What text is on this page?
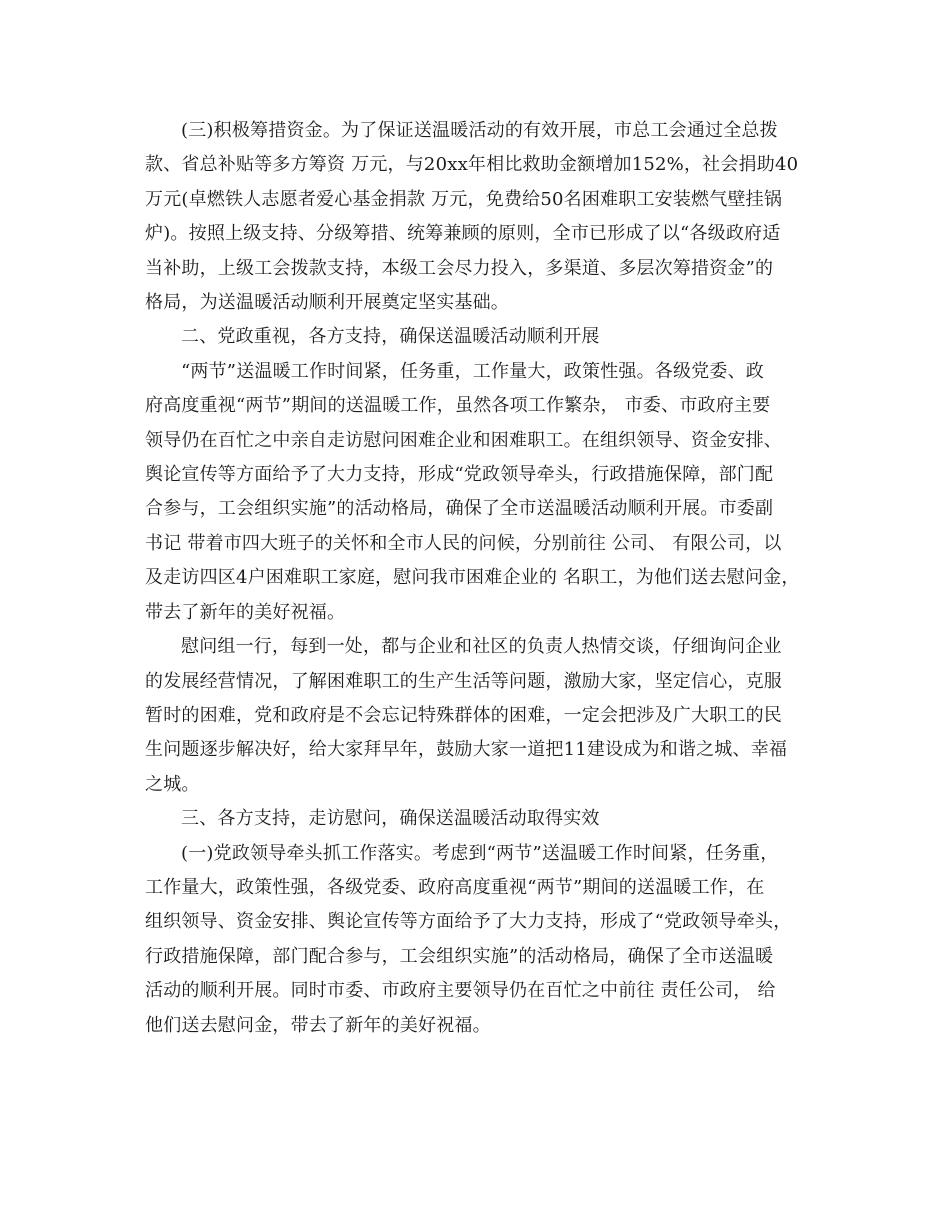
(三)积极筹措资金。为了保证送温暖活动的有效开展，市总工会通过全总拨
款、省总补贴等多方筹资 万元，与20xx年相比救助金额增加152%，社会捐助40
万元(卓燃铁人志愿者爱心基金捐款 万元，免费给50名困难职工安装燃气壁挂锅
炉)。按照上级支持、分级筹措、统筹兼顾的原则，全市已形成了以“各级政府适
当补助，上级工会拨款支持，本级工会尽力投入，多渠道、多层次筹措资金”的
格局，为送温暖活动顺利开展奠定坚实基础。
二、党政重视，各方支持，确保送温暖活动顺利开展
“两节”送温暖工作时间紧，任务重，工作量大，政策性强。各级党委、政
府高度重视“两节”期间的送温暖工作，虽然各项工作繁杂， 市委、市政府主要
领导仍在百忙之中亲自走访慰问困难企业和困难职工。在组织领导、资金安排、
舆论宣传等方面给予了大力支持，形成“党政领导牵头，行政措施保障，部门配
合参与，工会组织实施”的活动格局，确保了全市送温暖活动顺利开展。市委副
书记 带着市四大班子的关怀和全市人民的问候，分别前往 公司、 有限公司，以
及走访四区4户困难职工家庭，慰问我市困难企业的 名职工，为他们送去慰问金，
带去了新年的美好祝福。
慰问组一行，每到一处，都与企业和社区的负责人热情交谈，仔细询问企业
的发展经营情况，了解困难职工的生产生活等问题，激励大家，坚定信心，克服
暂时的困难，党和政府是不会忘记特殊群体的困难，一定会把涉及广大职工的民
生问题逐步解决好，给大家拜早年，鼓励大家一道把11建设成为和谐之城、幸福
之城。
三、各方支持，走访慰问，确保送温暖活动取得实效
(一)党政领导牵头抓工作落实。考虑到“两节”送温暖工作时间紧，任务重，
工作量大，政策性强，各级党委、政府高度重视“两节”期间的送温暖工作，在
组织领导、资金安排、舆论宣传等方面给予了大力支持，形成了“党政领导牵头，
行政措施保障，部门配合参与，工会组织实施”的活动格局，确保了全市送温暖
活动的顺利开展。同时市委、市政府主要领导仍在百忙之中前往 责任公司， 给
他们送去慰问金，带去了新年的美好祝福。
